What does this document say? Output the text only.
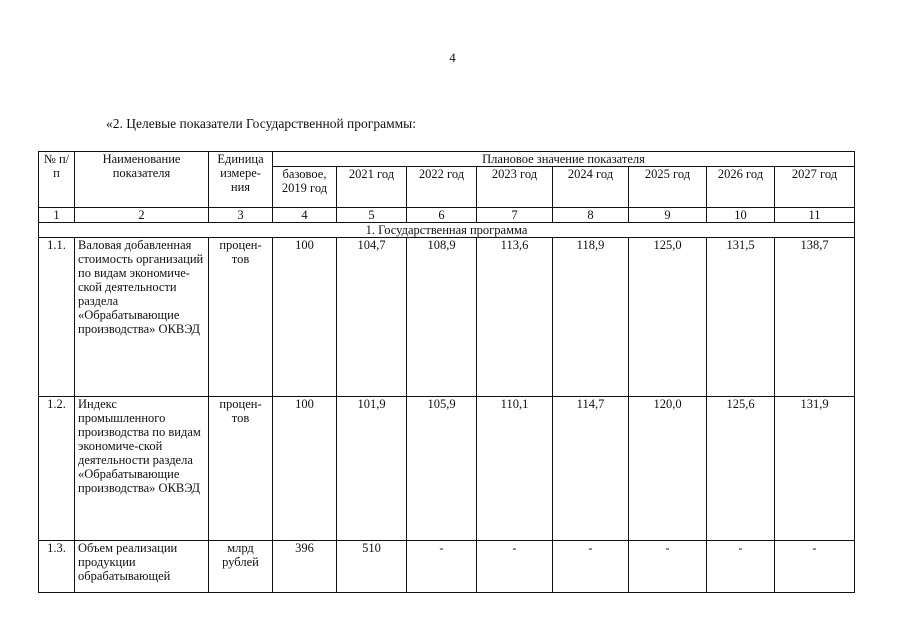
4
«2. Целевые показатели Государственной программы:
№ п/п	Наименование показателя	Единица измере-ния	Плановое значение показателя							
			базовое, 2019 год	2021 год	2022 год	2023 год	2024 год	2025 год	2026 год	2027 год
1	2	3	4	5	6	7	8	9	10	11
1. Государственная программа										
1.1.	Валовая добавленная стоимость организаций по видам экономиче-ской деятельности раздела «Обрабатывающие производства» ОКВЭД	процен-тов	100	104,7	108,9	113,6	118,9	125,0	131,5	138,7
1.2.	Индекс промышленного производства по видам экономиче-ской деятельности раздела «Обрабатывающие производства» ОКВЭД	процен-тов	100	101,9	105,9	110,1	114,7	120,0	125,6	131,9
1.3.	Объем реализации продукции обрабатывающей	млрд рублей	396	510	-	-	-	-	-	-
